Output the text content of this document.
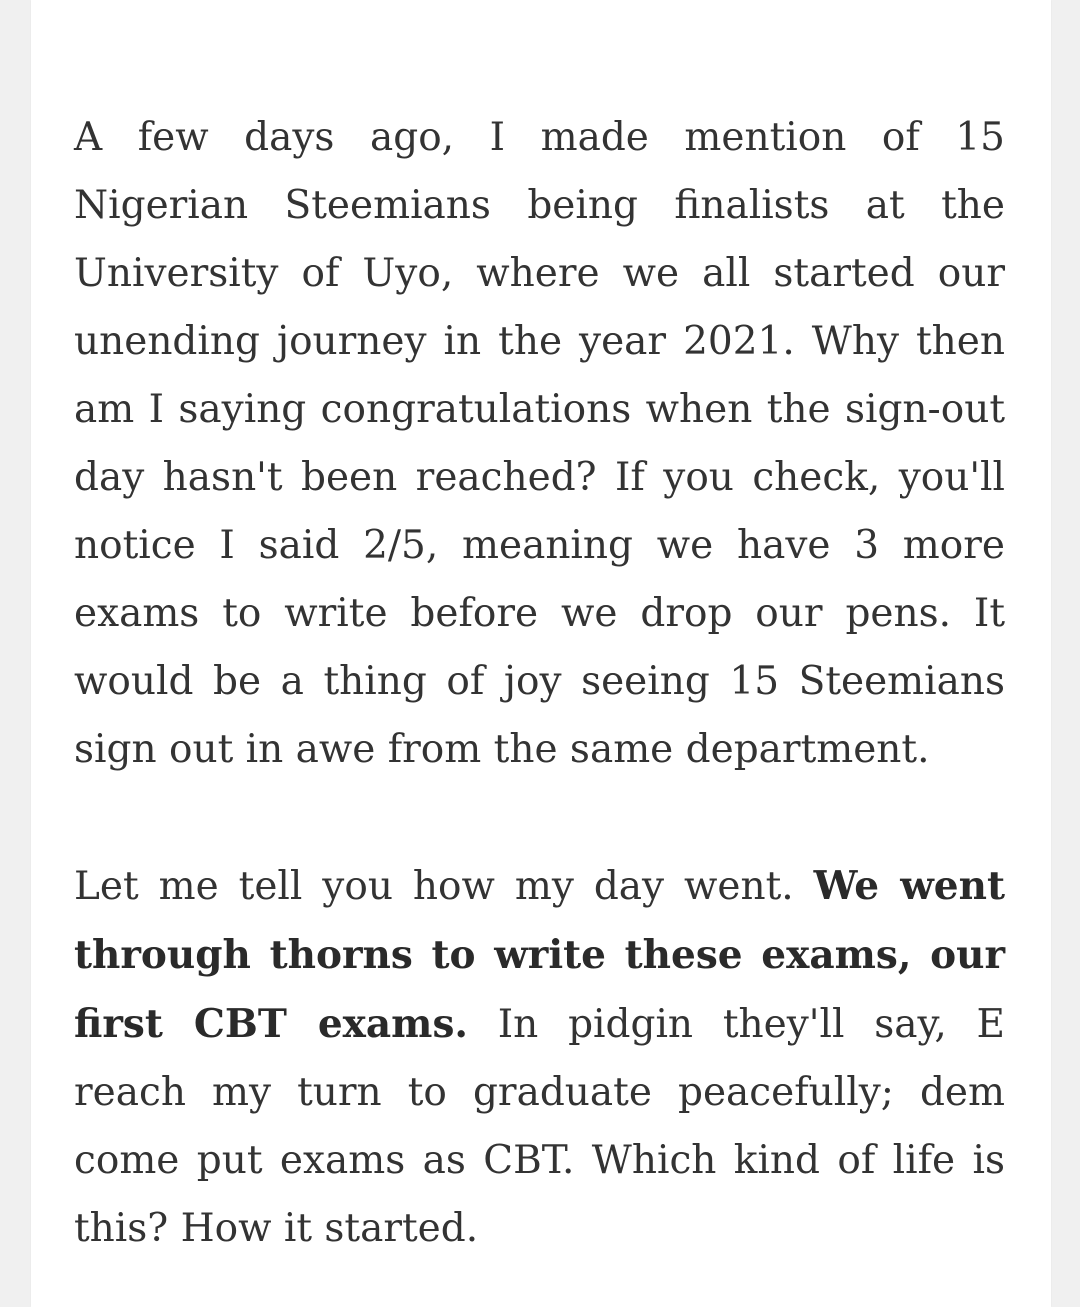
A few days ago, I made mention of 15 Nigerian Steemians being finalists at the University of Uyo, where we all started our unending journey in the year 2021. Why then am I saying congratulations when the sign-out day hasn't been reached? If you check, you'll notice I said 2/5, meaning we have 3 more exams to write before we drop our pens. It would be a thing of joy seeing 15 Steemians sign out in awe from the same department.

Let me tell you how my day went. We went through thorns to write these exams, our first CBT exams. In pidgin they'll say, E reach my turn to graduate peacefully; dem come put exams as CBT. Which kind of life is this? How it started.
